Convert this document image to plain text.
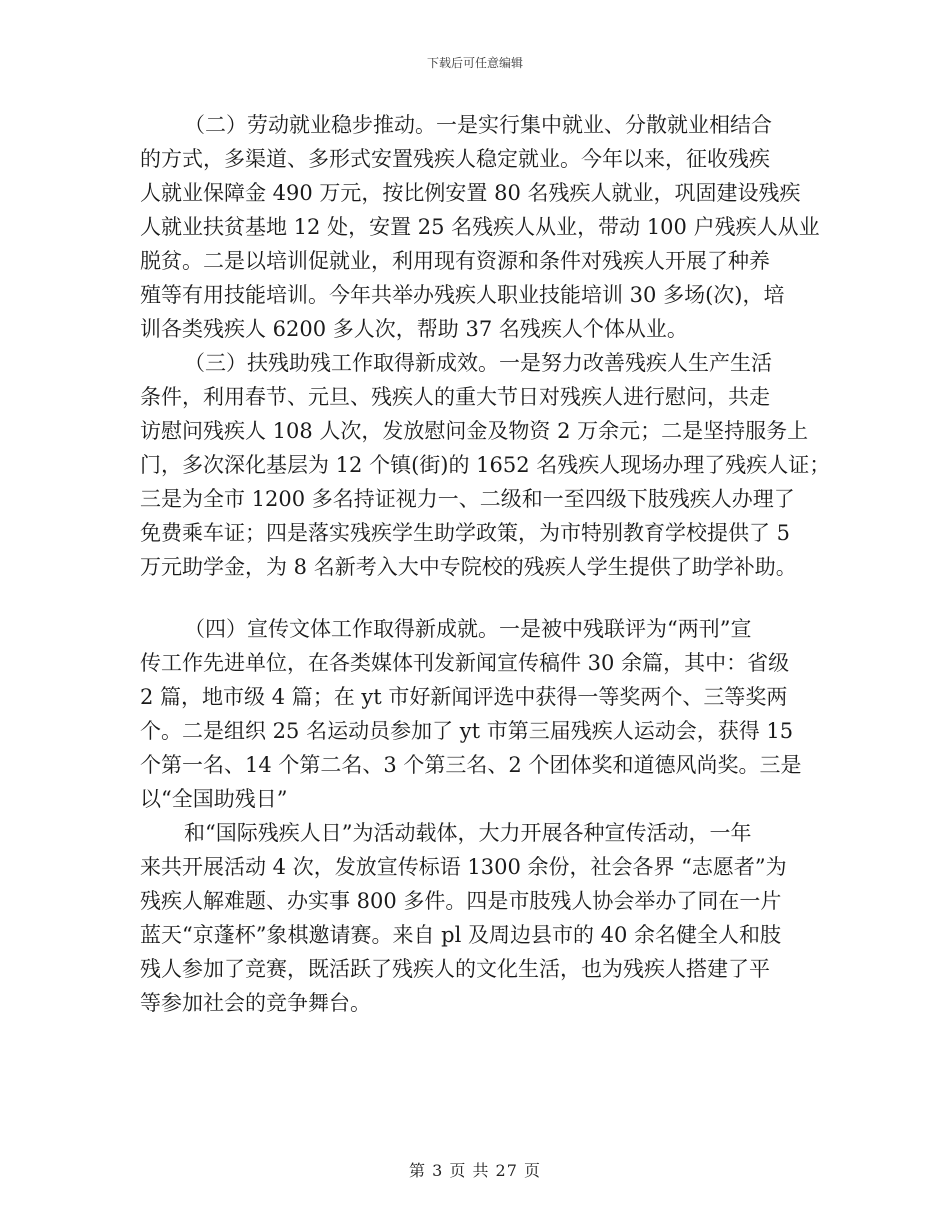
下载后可任意编辑
（二）劳动就业稳步推动。一是实行集中就业、分散就业相结合
的方式，多渠道、多形式安置残疾人稳定就业。今年以来，征收残疾
人就业保障金 490 万元，按比例安置 80 名残疾人就业，巩固建设残疾
人就业扶贫基地 12 处，安置 25 名残疾人从业，带动 100 户残疾人从业
脱贫。二是以培训促就业，利用现有资源和条件对残疾人开展了种养
殖等有用技能培训。今年共举办残疾人职业技能培训 30 多场(次)，培
训各类残疾人 6200 多人次，帮助 37 名残疾人个体从业。
（三）扶残助残工作取得新成效。一是努力改善残疾人生产生活
条件，利用春节、元旦、残疾人的重大节日对残疾人进行慰问，共走
访慰问残疾人 108 人次，发放慰问金及物资 2 万余元；二是坚持服务上
门，多次深化基层为 12 个镇(街)的 1652 名残疾人现场办理了残疾人证；
三是为全市 1200 多名持证视力一、二级和一至四级下肢残疾人办理了
免费乘车证；四是落实残疾学生助学政策，为市特别教育学校提供了 5
万元助学金，为 8 名新考入大中专院校的残疾人学生提供了助学补助。
（四）宣传文体工作取得新成就。一是被中残联评为“两刊”宣
传工作先进单位，在各类媒体刊发新闻宣传稿件 30 余篇，其中：省级
2 篇，地市级 4 篇；在 yt 市好新闻评选中获得一等奖两个、三等奖两
个。二是组织 25 名运动员参加了 yt 市第三届残疾人运动会，获得 15
个第一名、14 个第二名、3 个第三名、2 个团体奖和道德风尚奖。三是
以“全国助残日”
和“国际残疾人日”为活动载体，大力开展各种宣传活动，一年
来共开展活动 4 次，发放宣传标语 1300 余份，社会各界 “志愿者”为
残疾人解难题、办实事 800 多件。四是市肢残人协会举办了同在一片
蓝天“京蓬杯”象棋邀请赛。来自 pl 及周边县市的 40 余名健全人和肢
残人参加了竞赛，既活跃了残疾人的文化生活，也为残疾人搭建了平
等参加社会的竞争舞台。
第 3 页 共 27 页
